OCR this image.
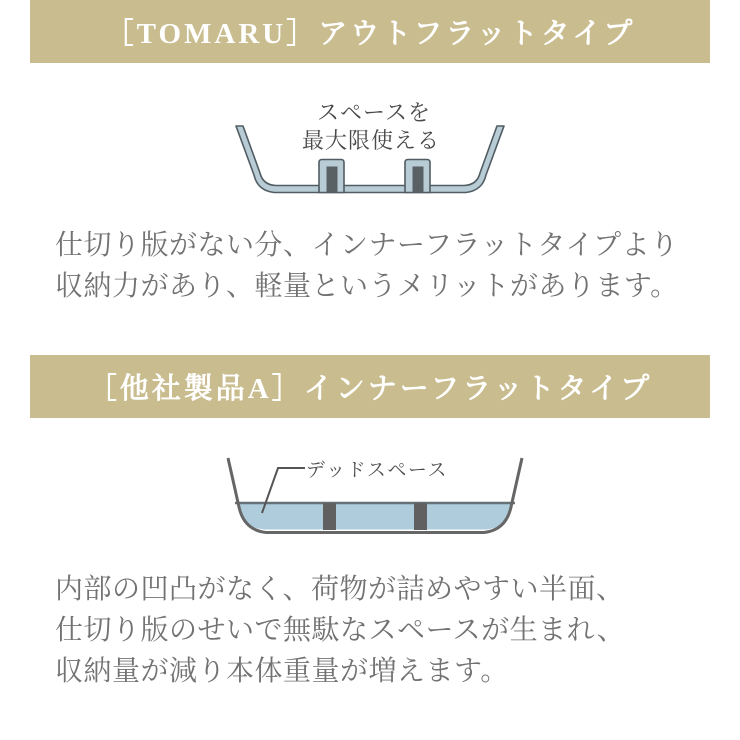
［TOMARU］アウトフラットタイプ
スペースを
最大限使える
仕切り版がない分、インナーフラットタイプより
収納力があり、軽量というメリットがあります。
［他社製品A］インナーフラットタイプ
デッドスペース
内部の凹凸がなく、荷物が詰めやすい半面、
仕切り版のせいで無駄なスペースが生まれ、
収納量が減り本体重量が増えます。
